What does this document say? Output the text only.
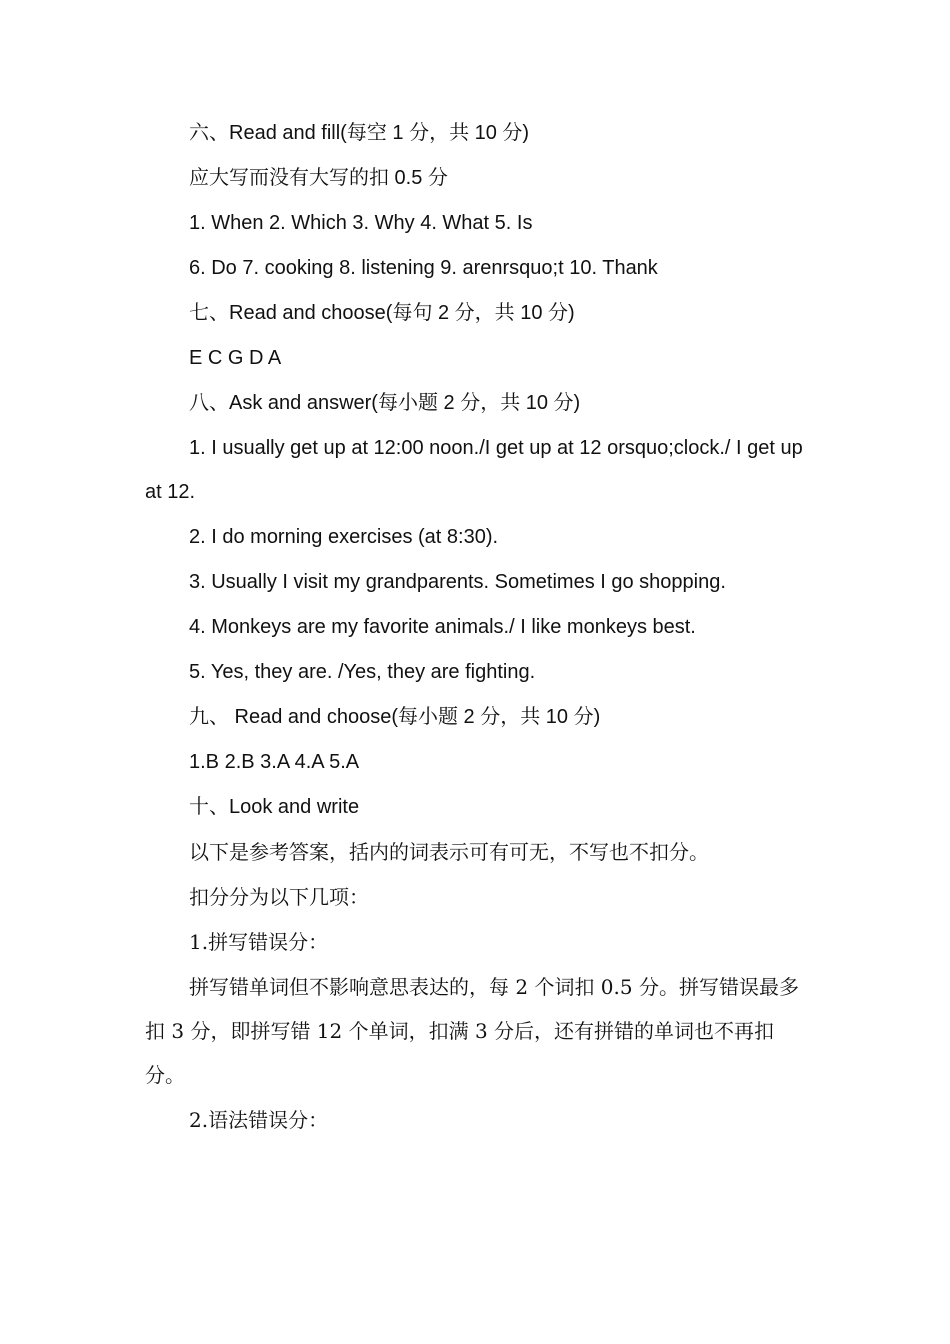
六、Read and fill(每空 1 分，共 10 分)

应大写而没有大写的扣 0.5 分

1. When 2. Which 3. Why 4. What 5. Is

6. Do 7. cooking 8. listening 9. arenrsquo;t 10. Thank

七、Read and choose(每句 2 分，共 10 分)

E C G D A

八、Ask and answer(每小题 2 分，共 10 分)

1. I usually get up at 12:00 noon./I get up at 12 orsquo;clock./ I get up at 12.

2. I do morning exercises (at 8:30).

3. Usually I visit my grandparents. Sometimes I go shopping.

4. Monkeys are my favorite animals./ I like monkeys best.

5. Yes, they are. /Yes, they are fighting.

九、 Read and choose(每小题 2 分，共 10 分)

1.B 2.B 3.A 4.A 5.A

十、Look and write

以下是参考答案，括内的词表示可有可无，不写也不扣分。

扣分分为以下几项：

1.拼写错误分：

拼写错单词但不影响意思表达的，每 2 个词扣 0.5 分。拼写错误最多扣 3 分，即拼写错 12 个单词，扣满 3 分后，还有拼错的单词也不再扣分。

2.语法错误分：
